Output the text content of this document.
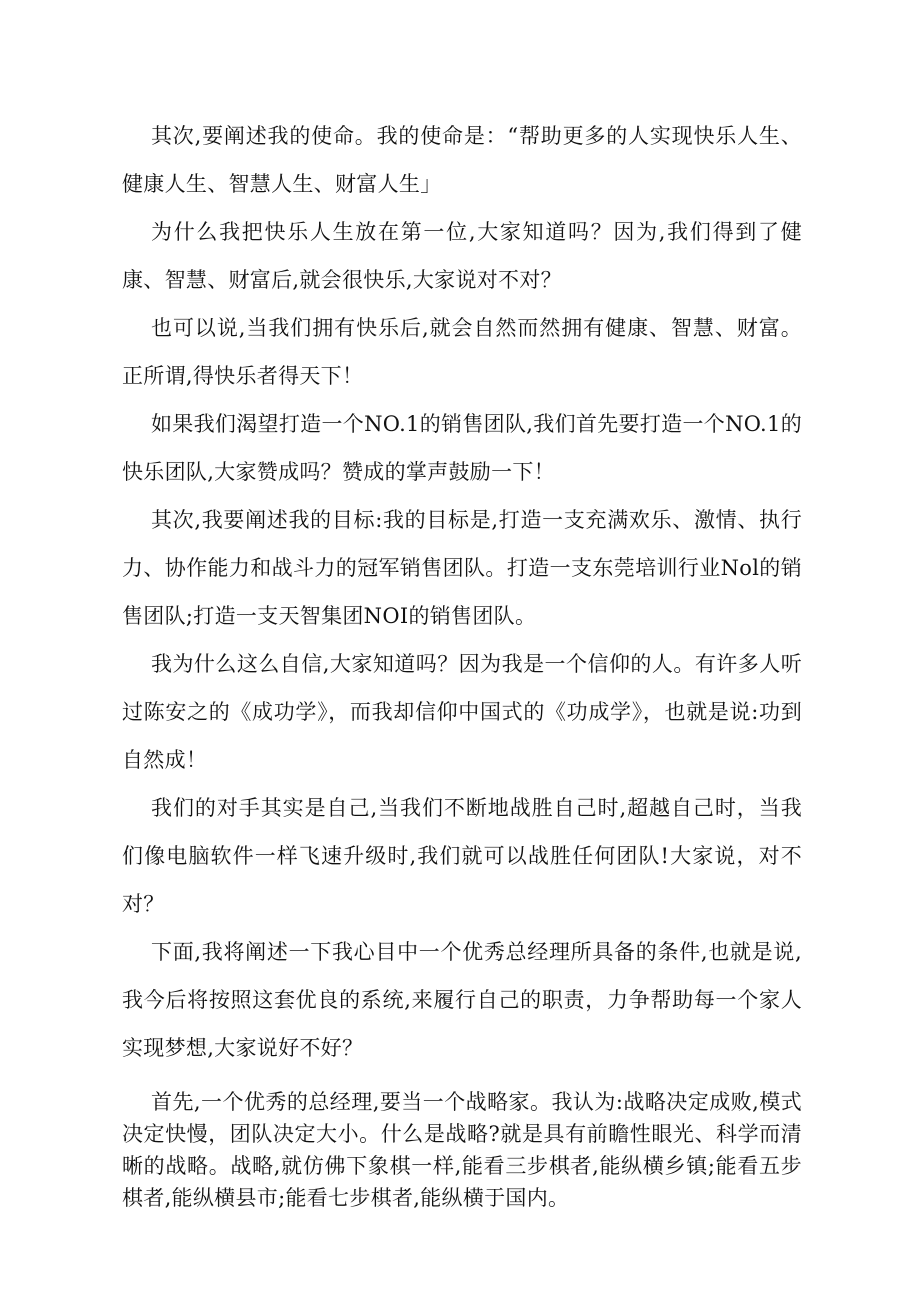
其次,要阐述我的使命。我的使命是：“帮助更多的人实现快乐人生、健康人生、智慧人生、财富人生」

为什么我把快乐人生放在第一位,大家知道吗？因为,我们得到了健康、智慧、财富后,就会很快乐,大家说对不对？

也可以说,当我们拥有快乐后,就会自然而然拥有健康、智慧、财富。正所谓,得快乐者得天下！

如果我们渴望打造一个NO.1的销售团队,我们首先要打造一个NO.1的快乐团队,大家赞成吗？赞成的掌声鼓励一下！

其次,我要阐述我的目标:我的目标是,打造一支充满欢乐、激情、执行力、协作能力和战斗力的冠军销售团队。打造一支东莞培训行业Nol的销售团队;打造一支天智集团NOI的销售团队。

我为什么这么自信,大家知道吗？因为我是一个信仰的人。有许多人听过陈安之的《成功学》，而我却信仰中国式的《功成学》，也就是说:功到自然成！

我们的对手其实是自己,当我们不断地战胜自己时,超越自己时，当我们像电脑软件一样飞速升级时,我们就可以战胜任何团队!大家说，对不对？

下面,我将阐述一下我心目中一个优秀总经理所具备的条件,也就是说,我今后将按照这套优良的系统,来履行自己的职责，力争帮助每一个家人实现梦想,大家说好不好？

首先,一个优秀的总经理,要当一个战略家。我认为:战略决定成败,模式决定快慢，团队决定大小。什么是战略?就是具有前瞻性眼光、科学而清晰的战略。战略,就仿佛下象棋一样,能看三步棋者,能纵横乡镇;能看五步棋者,能纵横县市;能看七步棋者,能纵横于国内。
